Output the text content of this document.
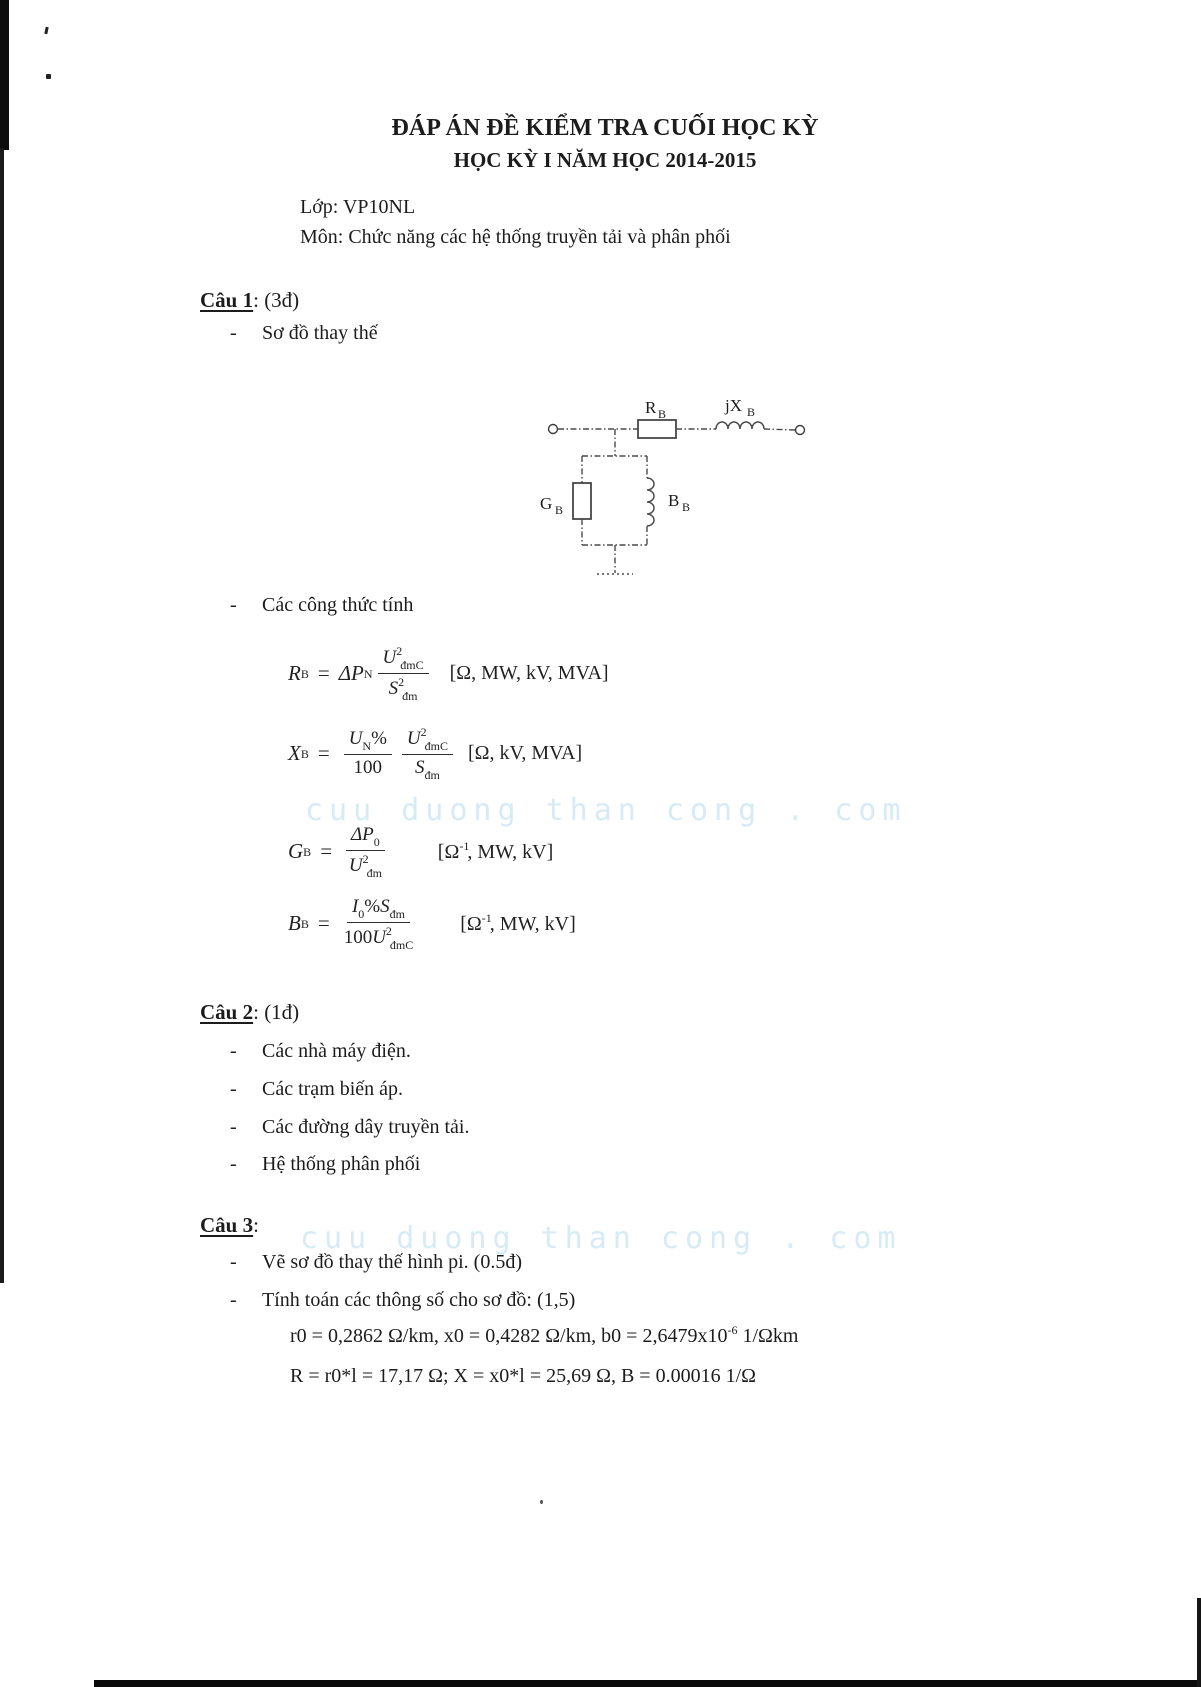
cuu duong than cong . com
cuu duong than cong . com
ĐÁP ÁN ĐỀ KIỂM TRA CUỐI HỌC KỲ
HỌC KỲ I NĂM HỌC 2014-2015
Lớp: VP10NL
Môn: Chức năng các hệ thống truyền tải và phân phối
Câu 1: (3đ)
- Sơ đồ thay thế
R B	jX B
G B	B B
- Các công thức tính
R B = ΔP N $\frac{U^2_{đmC}}{S^2_{đm}} [\Omega$, MW, kV, MVA]
X $B = \frac{U_N\%}{100} \frac{U^2_{đmC}}{S_{đm}} [\Omega$, kV, MVA]
G $B = \frac{\Delta P_0}{U^2_{đm}}$	[$\Omega^{-1}$, MW, kV]
B $B = \frac{I_0\%S_{đm}}{100U^2_{đmC}} [\Omega^{-1}$, MW, kV]
Câu 2: (1đ)
- Các nhà máy điện.
- Các trạm biến áp.
- Các đường dây truyền tải.
- Hệ thống phân phối
Câu 3:
- Vẽ sơ đồ thay thế hình pi. (0.5đ)
- Tính toán các thông số cho sơ đồ: (1,5)
r0 = 0,2862 Ω/km, x0 = 0,4282 Ω/km, $b0 = 2,6479x10^{-6}$ 1/Ωkm
R = r0*l = 17,17 Ω; X = x0*l = 25,69 Ω, B = 0.00016 1/Ω
